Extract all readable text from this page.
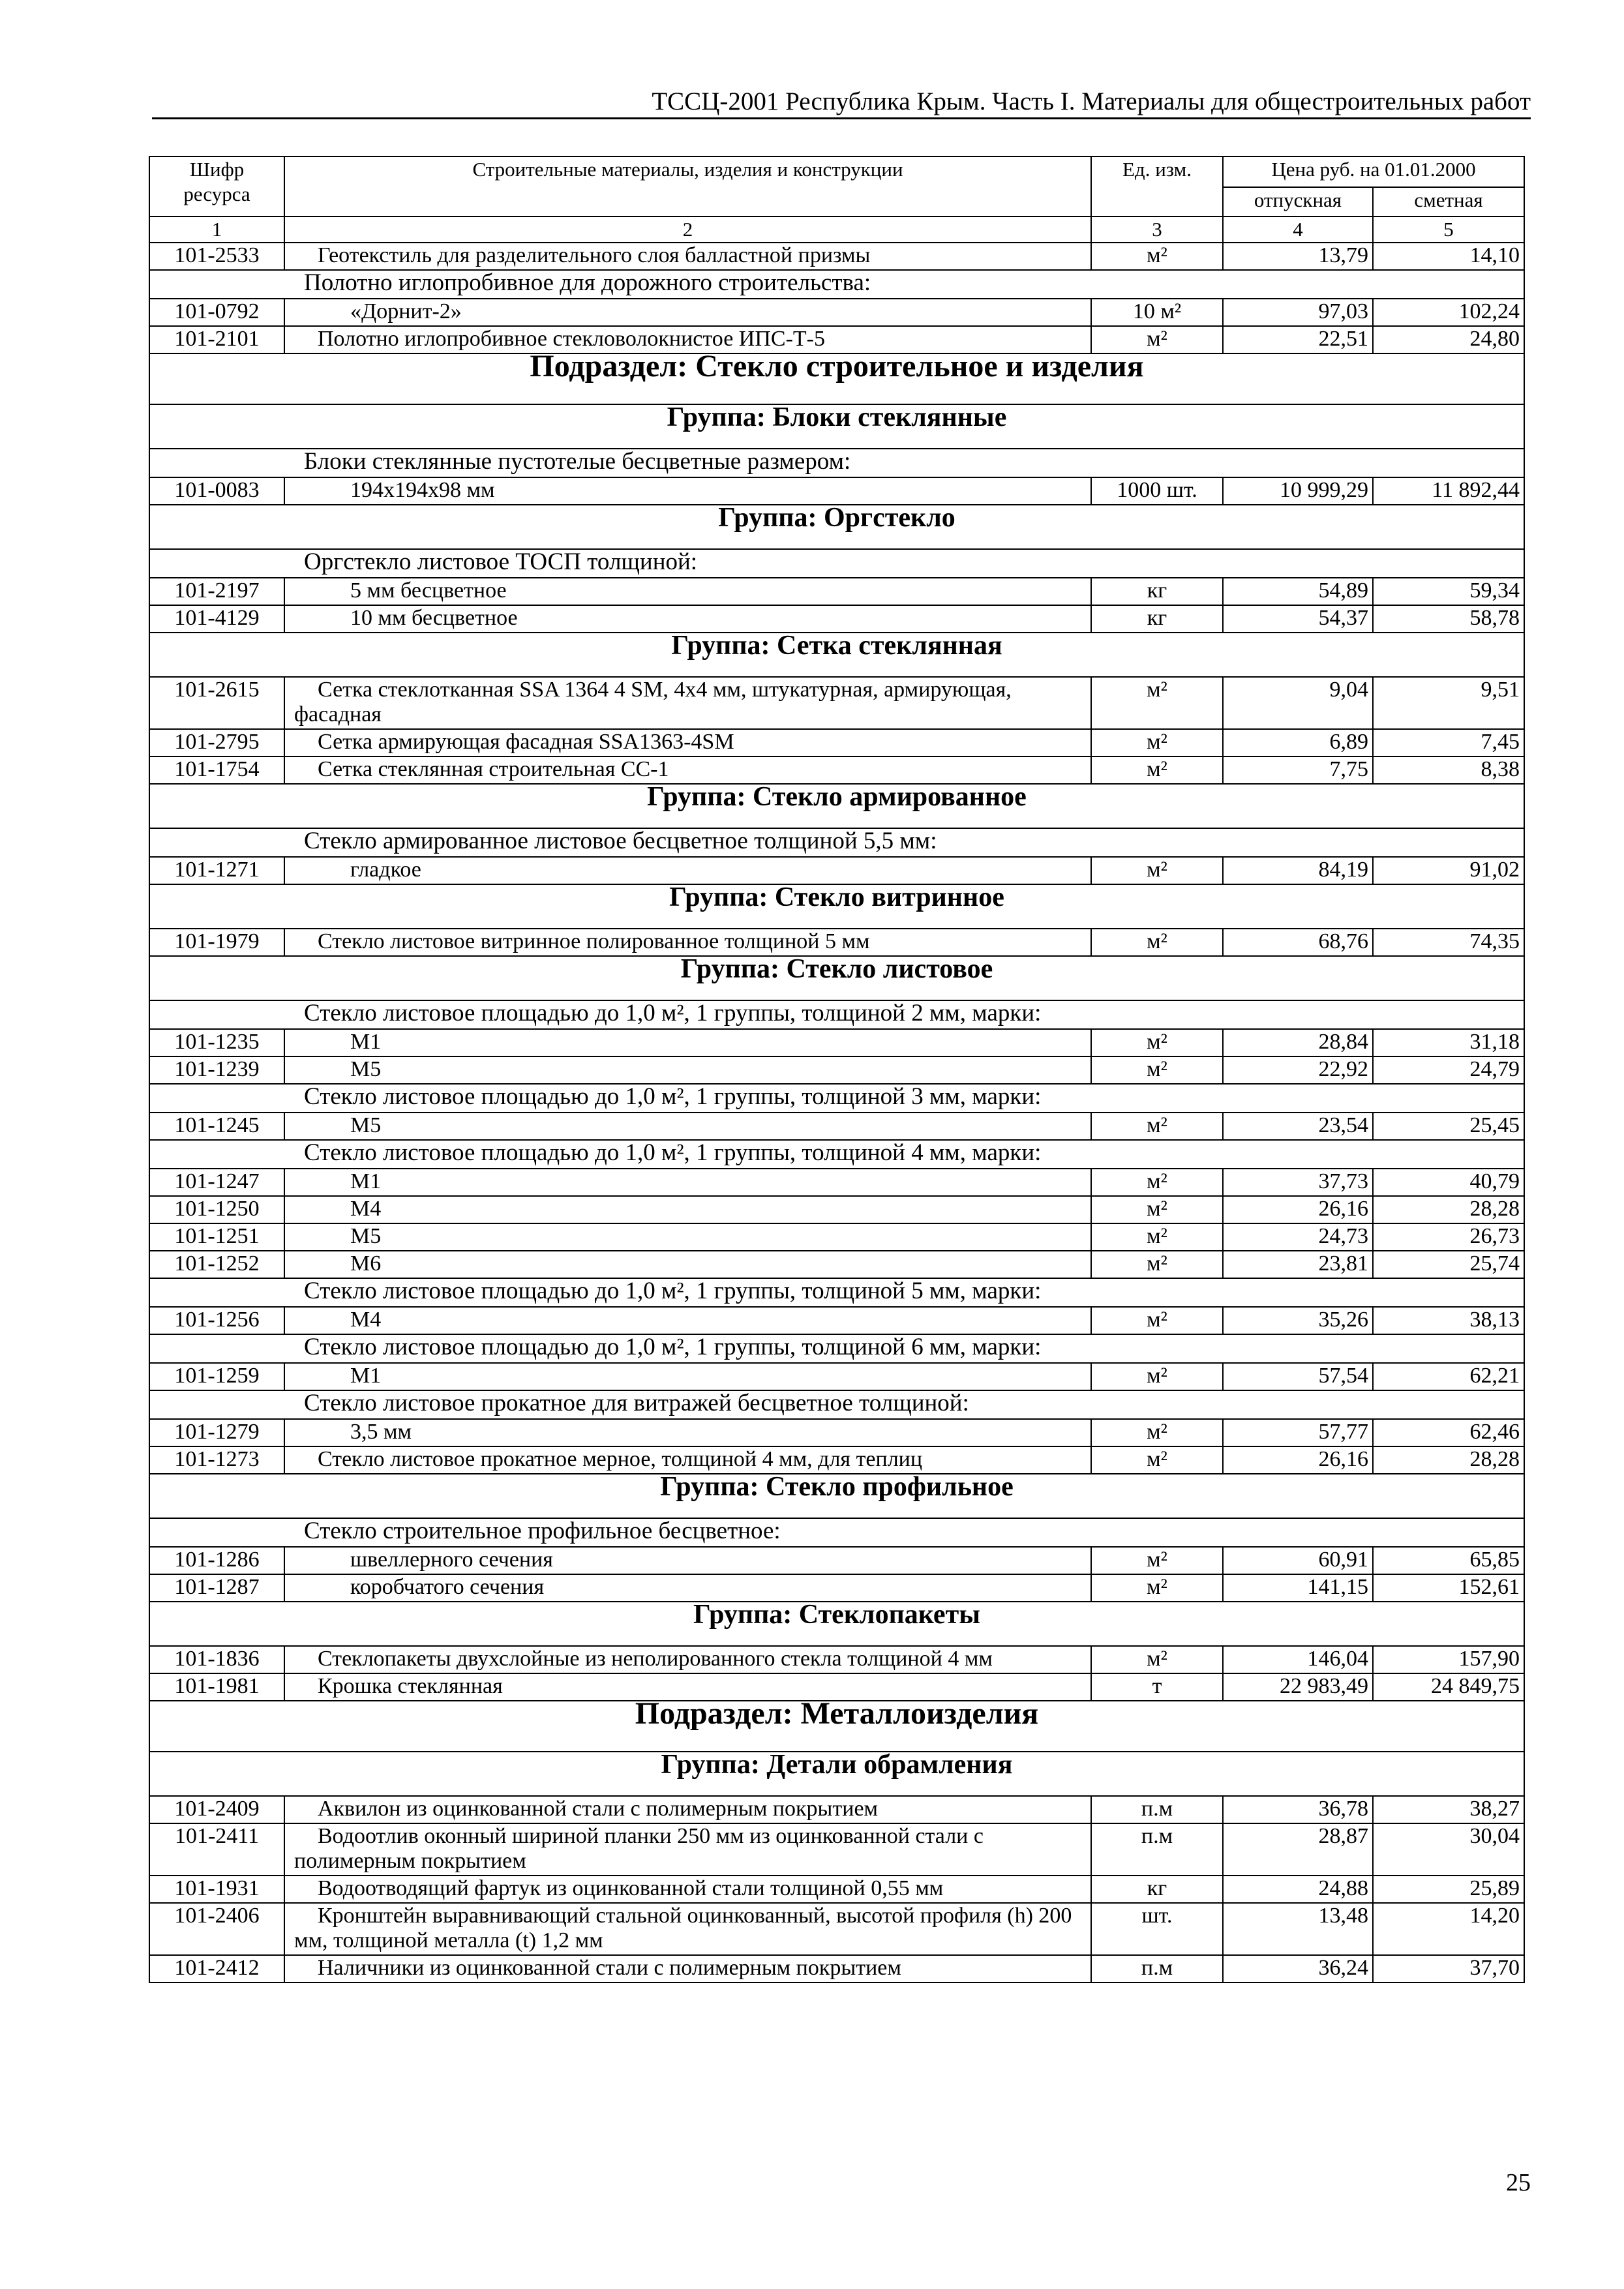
ТССЦ-2001 Республика Крым. Часть I. Материалы для общестроительных работ
Шифр ресурса	Строительные материалы, изделия и конструкции	Ед. изм.	Цена руб. на 01.01.2000	
			отпускная	сметная
1	2	3	4	5
101-2533	Геотекстиль для разделительного слоя балластной призмы	м²	13,79	14,10
Полотно иглопробивное для дорожного строительства:				
101-0792	«Дорнит-2»	10 м²	97,03	102,24
101-2101	Полотно иглопробивное стекловолокнистое ИПС-Т-5	м²	22,51	24,80
Подраздел: Стекло строительное и изделия				
Группа: Блоки стеклянные				
Блоки стеклянные пустотелые бесцветные размером:				
101-0083	194x194x98 мм	1000 шт.	10 999,29	11 892,44
Группа: Оргстекло				
Оргстекло листовое ТОСП толщиной:				
101-2197	5 мм бесцветное	кг	54,89	59,34
101-4129	10 мм бесцветное	кг	54,37	58,78
Группа: Сетка стеклянная				
101-2615	Сетка стеклотканная SSA 1364 4 SM, 4x4 мм, штукатурная, армирующая, фасадная	м²	9,04	9,51
101-2795	Сетка армирующая фасадная SSA1363-4SM	м²	6,89	7,45
101-1754	Сетка стеклянная строительная СС-1	м²	7,75	8,38
Группа: Стекло армированное				
Стекло армированное листовое бесцветное толщиной 5,5 мм:				
101-1271	гладкое	м²	84,19	91,02
Группа: Стекло витринное				
101-1979	Стекло листовое витринное полированное толщиной 5 мм	м²	68,76	74,35
Группа: Стекло листовое				
Стекло листовое площадью до 1,0 м², 1 группы, толщиной 2 мм, марки:				
101-1235	М1	м²	28,84	31,18
101-1239	М5	м²	22,92	24,79
Стекло листовое площадью до 1,0 м², 1 группы, толщиной 3 мм, марки:				
101-1245	М5	м²	23,54	25,45
Стекло листовое площадью до 1,0 м², 1 группы, толщиной 4 мм, марки:				
101-1247	М1	м²	37,73	40,79
101-1250	М4	м²	26,16	28,28
101-1251	М5	м²	24,73	26,73
101-1252	М6	м²	23,81	25,74
Стекло листовое площадью до 1,0 м², 1 группы, толщиной 5 мм, марки:				
101-1256	М4	м²	35,26	38,13
Стекло листовое площадью до 1,0 м², 1 группы, толщиной 6 мм, марки:				
101-1259	М1	м²	57,54	62,21
Стекло листовое прокатное для витражей бесцветное толщиной:				
101-1279	3,5 мм	м²	57,77	62,46
101-1273	Стекло листовое прокатное мерное, толщиной 4 мм, для теплиц	м²	26,16	28,28
Группа: Стекло профильное				
Стекло строительное профильное бесцветное:				
101-1286	швеллерного сечения	м²	60,91	65,85
101-1287	коробчатого сечения	м²	141,15	152,61
Группа: Стеклопакеты				
101-1836	Стеклопакеты двухслойные из неполированного стекла толщиной 4 мм	м²	146,04	157,90
101-1981	Крошка стеклянная	т	22 983,49	24 849,75
Подраздел: Металлоизделия				
Группа: Детали обрамления				
101-2409	Аквилон из оцинкованной стали с полимерным покрытием	п.м	36,78	38,27
101-2411	Водоотлив оконный шириной планки 250 мм из оцинкованной стали с полимерным покрытием	п.м	28,87	30,04
101-1931	Водоотводящий фартук из оцинкованной стали толщиной 0,55 мм	кг	24,88	25,89
101-2406	Кронштейн выравнивающий стальной оцинкованный, высотой профиля (h) 200 мм, толщиной металла (t) 1,2 мм	шт.	13,48	14,20
101-2412	Наличники из оцинкованной стали с полимерным покрытием	п.м	36,24	37,70
25
